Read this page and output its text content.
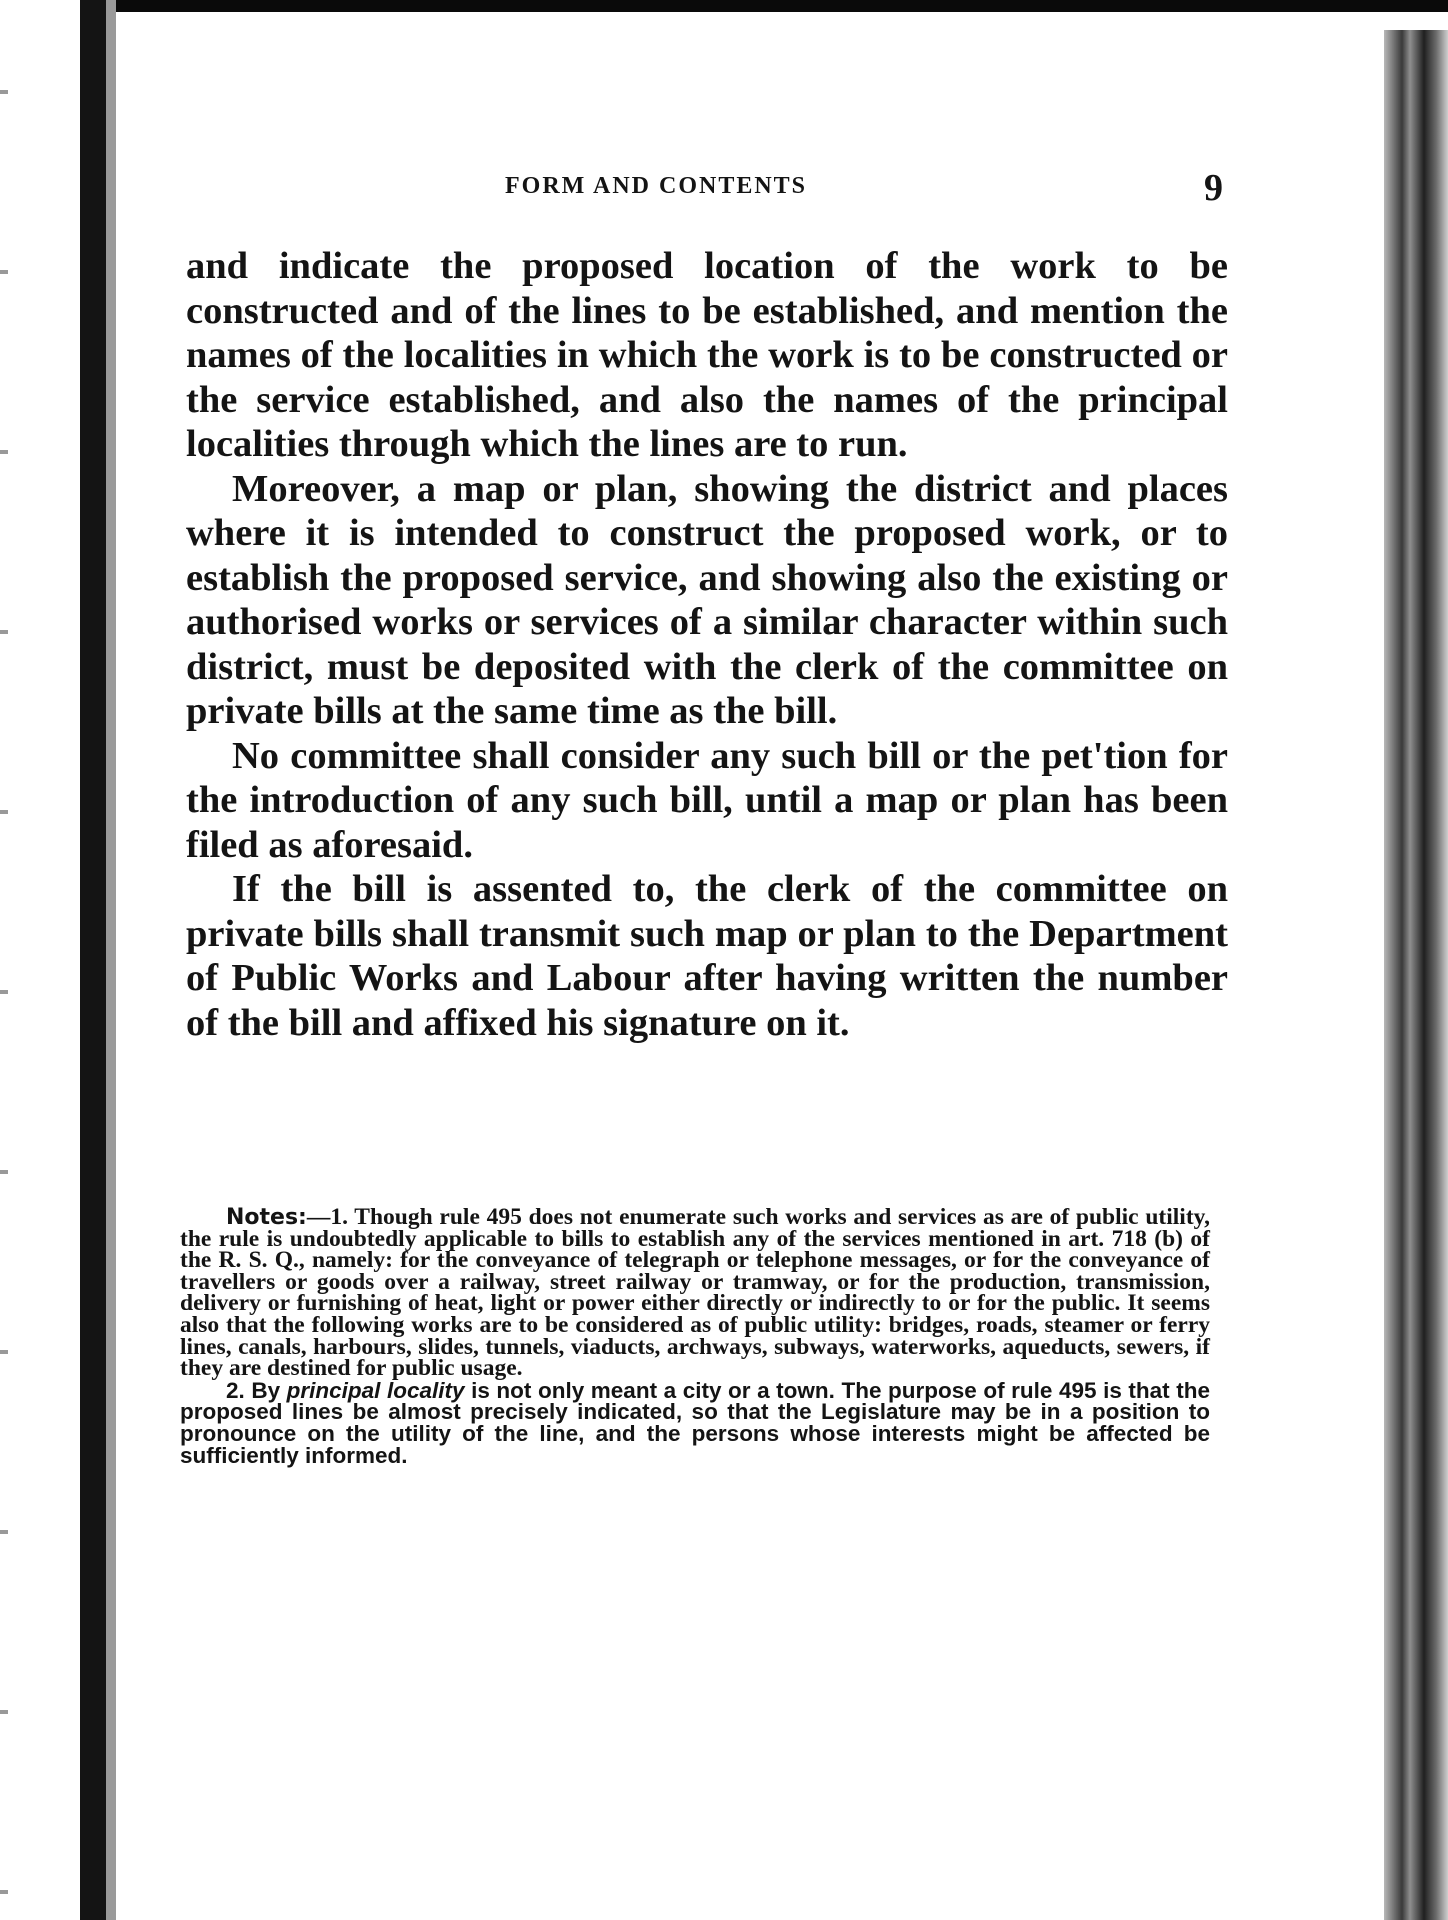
FORM AND CONTENTS	9

and indicate the proposed location of the work to be constructed and of the lines to be established, and mention the names of the localities in which the work is to be constructed or the service established, and also the names of the principal localities through which the lines are to run.

Moreover, a map or plan, showing the district and places where it is intended to construct the proposed work, or to establish the proposed service, and showing also the existing or authorised works or services of a similar character within such district, must be deposited with the clerk of the committee on private bills at the same time as the bill.

No committee shall consider any such bill or the pet'tion for the introduction of any such bill, until a map or plan has been filed as aforesaid.

If the bill is assented to, the clerk of the committee on private bills shall transmit such map or plan to the Department of Public Works and Labour after having written the number of the bill and affixed his signature on it.

Notes:—1. Though rule 495 does not enumerate such works and services as are of public utility, the rule is undoubtedly applicable to bills to establish any of the services mentioned in art. 718 (b) of the R. S. Q., namely: for the conveyance of telegraph or telephone messages, or for the conveyance of travellers or goods over a railway, street railway or tramway, or for the production, transmission, delivery or furnishing of heat, light or power either directly or indirectly to or for the public. It seems also that the following works are to be considered as of public utility: bridges, roads, steamer or ferry lines, canals, harbours, slides, tunnels, viaducts, archways, subways, waterworks, aqueducts, sewers, if they are destined for public usage.

2. By principal locality is not only meant a city or a town. The purpose of rule 495 is that the proposed lines be almost precisely indicated, so that the Legislature may be in a position to pronounce on the utility of the line, and the persons whose interests might be affected be sufficiently informed.
